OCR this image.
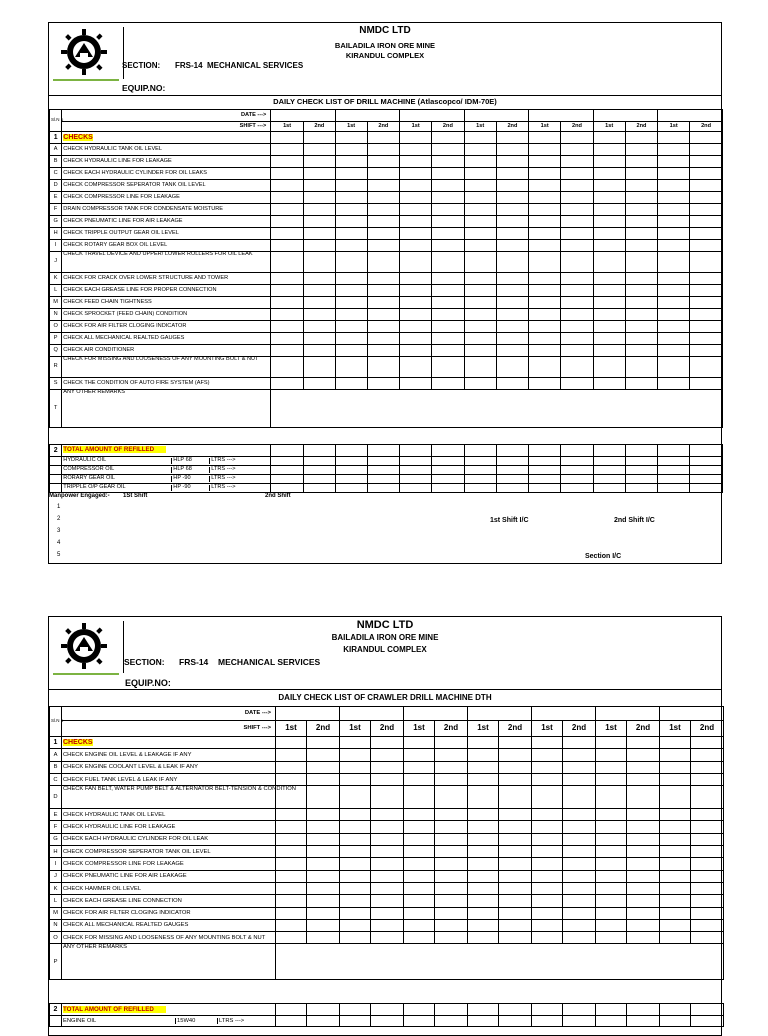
NMDC LTD
BAILADILA IRON ORE MINE
KIRANDUL COMPLEX
SECTION: FRS-14 MECHANICAL SERVICES
EQUIP.NO:
DAILY CHECK LIST OF DRILL MACHINE (Atlascopco/ IDM-70E)
Sl.N o	DATE --->														
	SHIFT --->	1st	2nd	1st	2nd	1st	2nd	1st	2nd	1st	2nd	1st	2nd	1st	2nd
1	CHECKS														
A	CHECK HYDRAULIC TANK OIL LEVEL														
B	CHECK HYDRAULIC LINE FOR LEAKAGE														
C	CHECK EACH HYDRAULIC CYLINDER FOR OIL LEAKS														
D	CHECK COMPRESSOR SEPERATOR TANK OIL LEVEL														
E	CHECK COMPRESSOR LINE FOR LEAKAGE														
F	DRAIN COMPRESSOR TANK FOR CONDENSATE MOISTURE														
G	CHECK PNEUMATIC LINE FOR AIR LEAKAGE														
H	CHECK TRIPPLE OUTPUT GEAR OIL LEVEL														
I	CHECK ROTARY GEAR BOX OIL LEVEL														
J	CHECK TRAVEL DEVICE AND UPPER/ LOWER ROLLERS FOR OIL LEAK														
K	CHECK FOR CRACK OVER LOWER STRUCTURE AND TOWER														
L	CHECK EACH GREASE LINE FOR PROPER CONNECTION														
M	CHECK FEED CHAIN TIGHTNESS														
N	CHECK SPROCKET (FEED CHAIN) CONDITION														
O	CHECK FOR AIR FILTER CLOGING INDICATOR														
P	CHECK ALL MECHANICAL REALTED GAUGES														
Q	CHECK AIR CONDITIONER														
R	CHECK FOR MISSING AND LOOSENESS OF ANY MOUNTING BOLT & NUT														
S	CHECK THE CONDITION OF AUTO FIRE SYSTEM (AFS)														
T	ANY OTHER REMARKS														

2	TOTAL AMOUNT OF REFILLED														

	HYDRAULIC OIL HLP 68 LTRS --->														

	COMPRESSOR OIL HLP 68 LTRS --->														

	RORARY GEAR OIL HP -90 LTRS --->														

	TRIPPLE O/P GEAR OIL HP -90 LTRS --->														

Manpower Engaged:- 1St Shift	2nd Shift
1
2
3
4
5
1st Shift I/C	2nd Shift I/C
Section I/C
NMDC LTD
BAILADILA IRON ORE MINE
KIRANDUL COMPLEX
SECTION: FRS-14 MECHANICAL SERVICES
EQUIP.NO:
DAILY CHECK LIST OF CRAWLER DRILL MACHINE DTH
Sl.N o	DATE --->														
	SHIFT --->	1st	2nd	1st	2nd	1st	2nd	1st	2nd	1st	2nd	1st	2nd	1st	2nd
1	CHECKS														
A	CHECK ENGINE OIL LEVEL & LEAKAGE IF ANY														
B	CHECK ENGINE COOLANT LEVEL & LEAK IF ANY														
C	CHECK FUEL TANK LEVEL & LEAK IF ANY														
D	CHECK FAN BELT, WATER PUMP BELT & ALTERNATOR BELT-TENSION & CONDITION														
E	CHECK HYDRAULIC TANK OIL LEVEL														
F	CHECK HYDRAULIC LINE FOR LEAKAGE														
G	CHECK EACH HYDRAULIC CYLINDER FOR OIL LEAK														
H	CHECK COMPRESSOR SEPERATOR TANK OIL LEVEL														
I	CHECK COMPRESSOR LINE FOR LEAKAGE														
J	CHECK PNEUMATIC LINE FOR AIR LEAKAGE														
K	CHECK HAMMER OIL LEVEL														
L	CHECK EACH GREASE LINE CONNECTION														
M	CHECK FOR AIR FILTER CLOGING INDICATOR														
N	CHECK ALL MECHANICAL REALTED GAUGES														
O	CHECK FOR MISSING AND LOOSENESS OF ANY MOUNTING BOLT & NUT														
P	ANY OTHER REMARKS														

2	TOTAL AMOUNT OF REFILLED														

	ENGINE OIL 15W40 LTRS --->														
